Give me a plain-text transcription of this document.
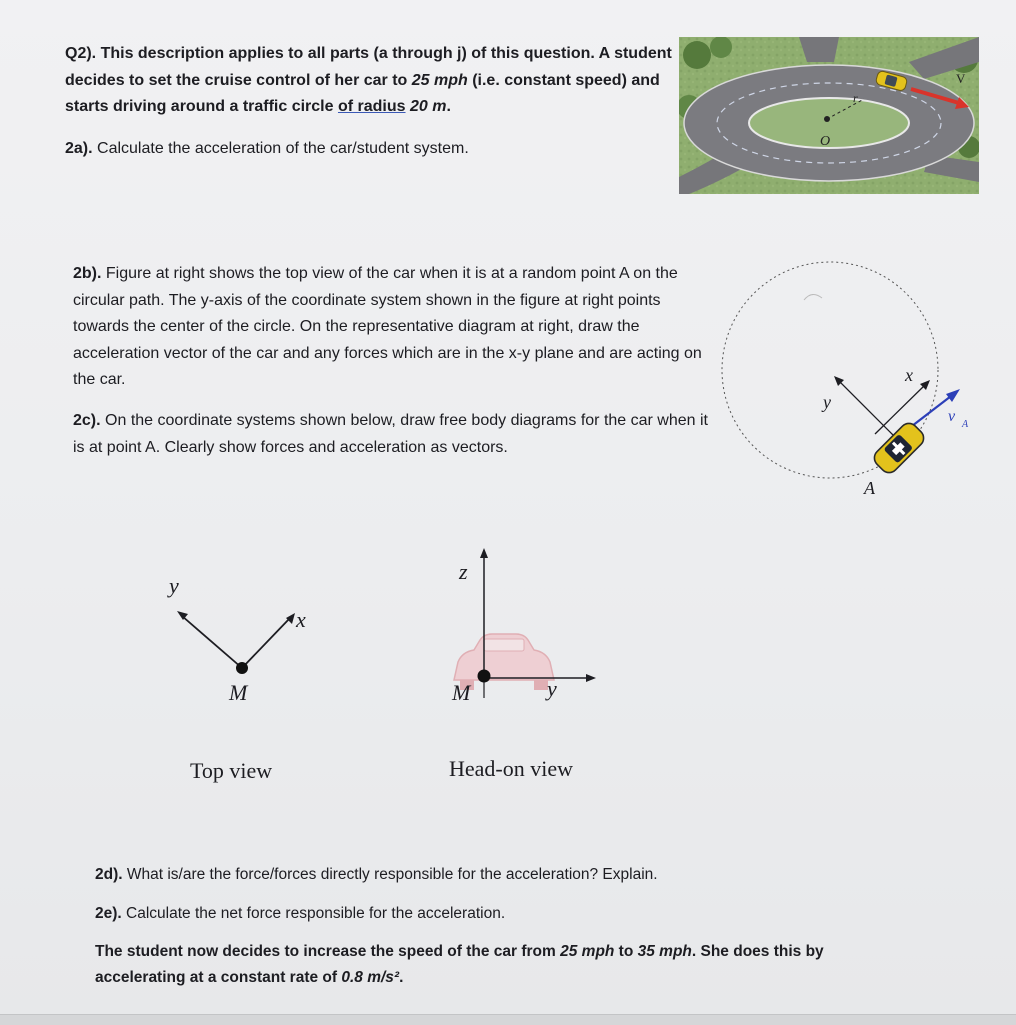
Q2). This description applies to all parts (a through j) of this question. A student decides to set the cruise control of her car to 25 mph (i.e. constant speed) and starts driving around a traffic circle of radius 20 m.
2a). Calculate the acceleration of the car/student system.
r
O
V
2b). Figure at right shows the top view of the car when it is at a random point A on the circular path. The y-axis of the coordinate system shown in the figure at right points towards the center of the circle. On the representative diagram at right, draw the acceleration vector of the car and any forces which are in the x-y plane and are acting on the car.
2c). On the coordinate systems shown below, draw free body diagrams for the car when it is at point A. Clearly show forces and acceleration as vectors.
y
x
v A
A
y
x
M
Top view
z
y
M
Head-on view
2d). What is/are the force/forces directly responsible for the acceleration? Explain.
2e). Calculate the net force responsible for the acceleration.
The student now decides to increase the speed of the car from 25 mph to 35 mph. She does this by accelerating at a constant rate of 0.8 m/s².
